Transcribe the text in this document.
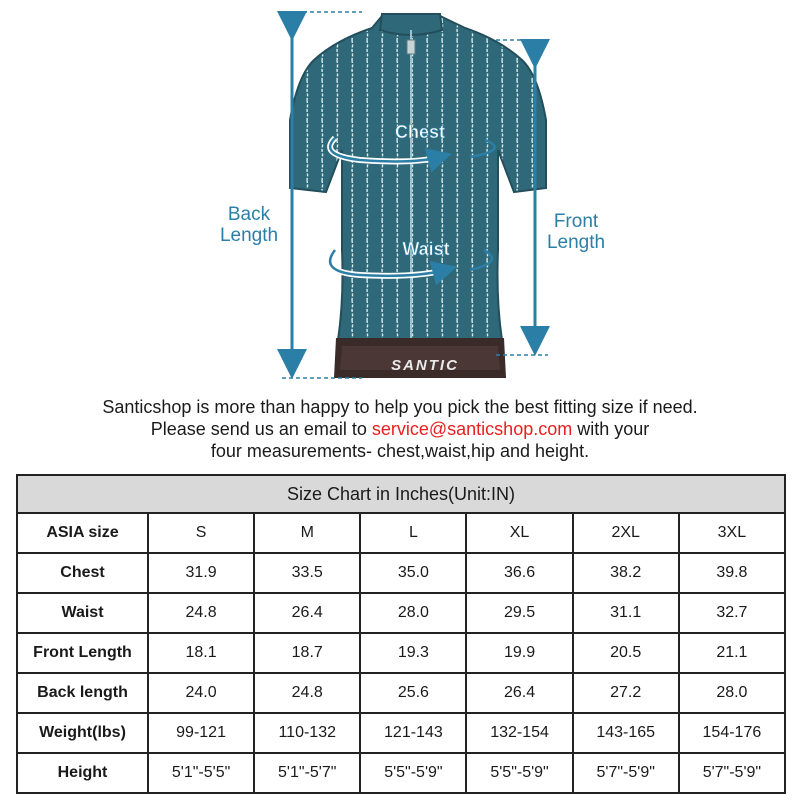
Back Length
Front Length
Chest
Waist
SANTIC
Santicshop is more than happy to help you pick the best fitting size if need.
Please send us an email to service@santicshop.com with your
four measurements- chest,waist,hip and height.
Size Chart in Inches(Unit:IN)						
ASIA size	S	M	L	XL	2XL	3XL
Chest	31.9	33.5	35.0	36.6	38.2	39.8
Waist	24.8	26.4	28.0	29.5	31.1	32.7
Front Length	18.1	18.7	19.3	19.9	20.5	21.1
Back length	24.0	24.8	25.6	26.4	27.2	28.0
Weight(lbs)	99-121	110-132	121-143	132-154	143-165	154-176
Height	5'1"-5'5"	5'1"-5'7"	5'5"-5'9"	5'5"-5'9"	5'7"-5'9"	5'7"-5'9"
